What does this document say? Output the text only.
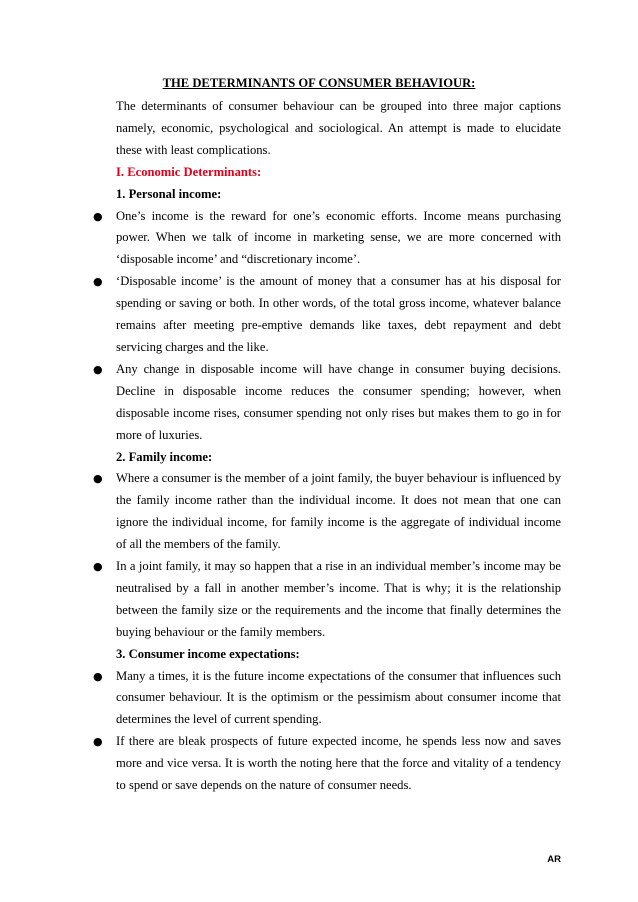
THE DETERMINANTS OF CONSUMER BEHAVIOUR:

The determinants of consumer behaviour can be grouped into three major captions namely, economic, psychological and sociological. An attempt is made to elucidate these with least complications.

I. Economic Determinants:

1. Personal income:

● One’s income is the reward for one’s economic efforts. Income means purchasing power. When we talk of income in marketing sense, we are more concerned with ‘disposable income’ and “discretionary income’.
● ‘Disposable income’ is the amount of money that a consumer has at his disposal for spending or saving or both. In other words, of the total gross income, whatever balance remains after meeting pre-emptive demands like taxes, debt repayment and debt servicing charges and the like.
● Any change in disposable income will have change in consumer buying decisions. Decline in disposable income reduces the consumer spending; however, when disposable income rises, consumer spending not only rises but makes them to go in for more of luxuries.

2. Family income:

● Where a consumer is the member of a joint family, the buyer behaviour is influenced by the family income rather than the individual income. It does not mean that one can ignore the individual income, for family income is the aggregate of individual income of all the members of the family.
● In a joint family, it may so happen that a rise in an individual member’s income may be neutralised by a fall in another member’s income. That is why; it is the relationship between the family size or the requirements and the income that finally determines the buying behaviour or the family members.

3. Consumer income expectations:

● Many a times, it is the future income expectations of the consumer that influences such consumer behaviour. It is the optimism or the pessimism about consumer income that determines the level of current spending.
● If there are bleak prospects of future expected income, he spends less now and saves more and vice versa. It is worth the noting here that the force and vitality of a tendency to spend or save depends on the nature of consumer needs.
AR
